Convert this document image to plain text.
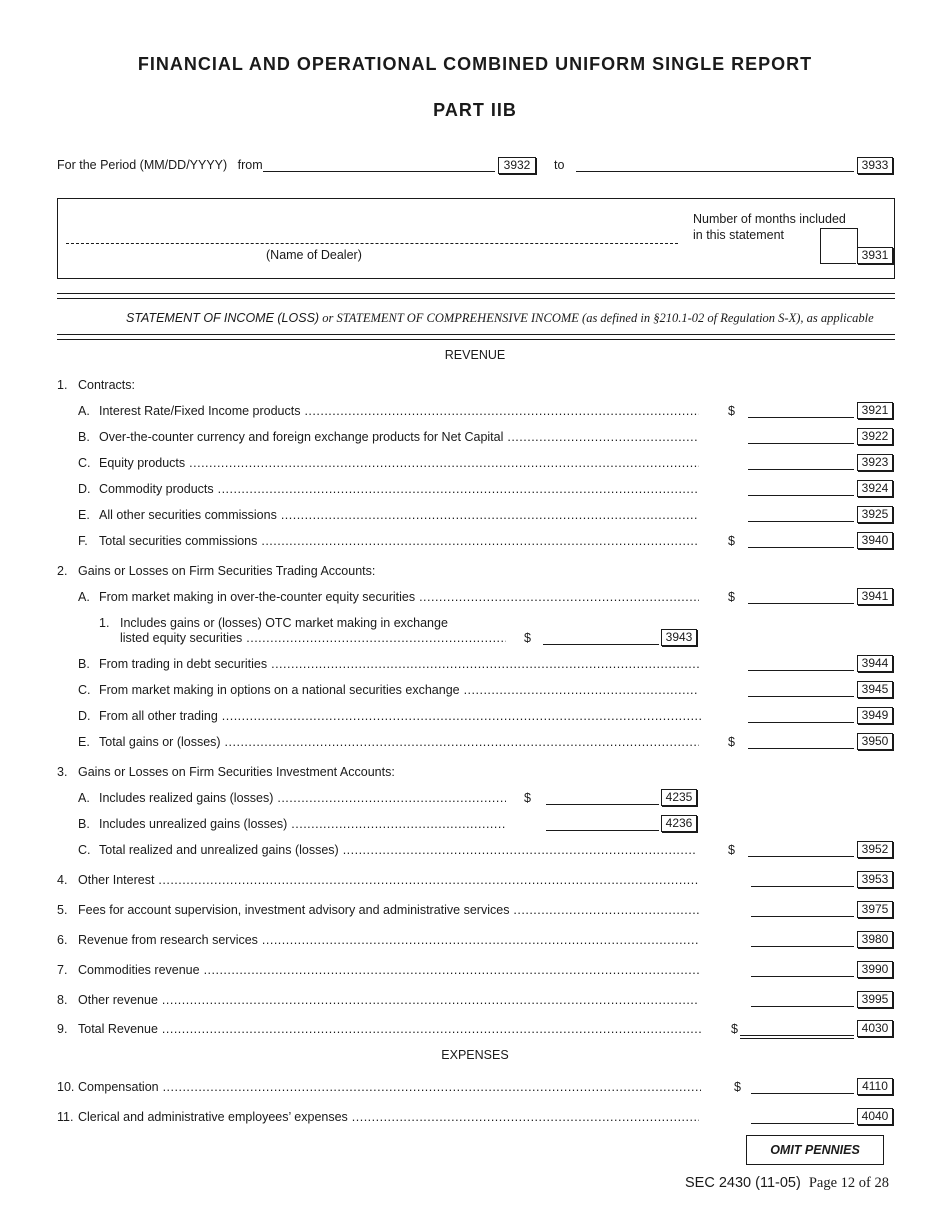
FINANCIAL AND OPERATIONAL COMBINED UNIFORM SINGLE REPORT
PART IIB
For the Period (MM/DD/YYYY) from	3932	to	3933
(Name of Dealer)
Number of months included
in this statement
3931
STATEMENT OF INCOME (LOSS) or STATEMENT OF COMPREHENSIVE INCOME (as defined in §210.1-02 of Regulation S-X), as applicable
REVENUE
1. Contracts:
A. Interest Rate/Fixed Income products .....	$	3921
B. Over-the-counter currency and foreign exchange products for Net Capital .....	3922
C. Equity products .....	3923
D. Commodity products .....	3924
E. All other securities commissions .....	3925
F. Total securities commissions .....	$	3940
2. Gains or Losses on Firm Securities Trading Accounts:
A. From market making in over-the-counter equity securities .....	$	3941
1. Includes gains or (losses) OTC market making in exchange
listed equity securities .....	$	3943
B. From trading in debt securities .....	3944
C. From market making in options on a national securities exchange .....	3945
D. From all other trading .....	3949
E. Total gains or (losses) .....	$	3950
3. Gains or Losses on Firm Securities Investment Accounts:
A. Includes realized gains (losses) .....	$	4235
B. Includes unrealized gains (losses) .....	4236
C. Total realized and unrealized gains (losses) .....	$	3952
4. Other Interest .....	3953
5. Fees for account supervision, investment advisory and administrative services .....	3975
6. Revenue from research services .....	3980
7. Commodities revenue .....	3990
8. Other revenue .....	3995
9. Total Revenue .....	$	4030
EXPENSES
10. Compensation .....	$	4110
11. Clerical and administrative employees’ expenses .....	4040
OMIT PENNIES
SEC 2430 (11-05) Page 12 of 28
